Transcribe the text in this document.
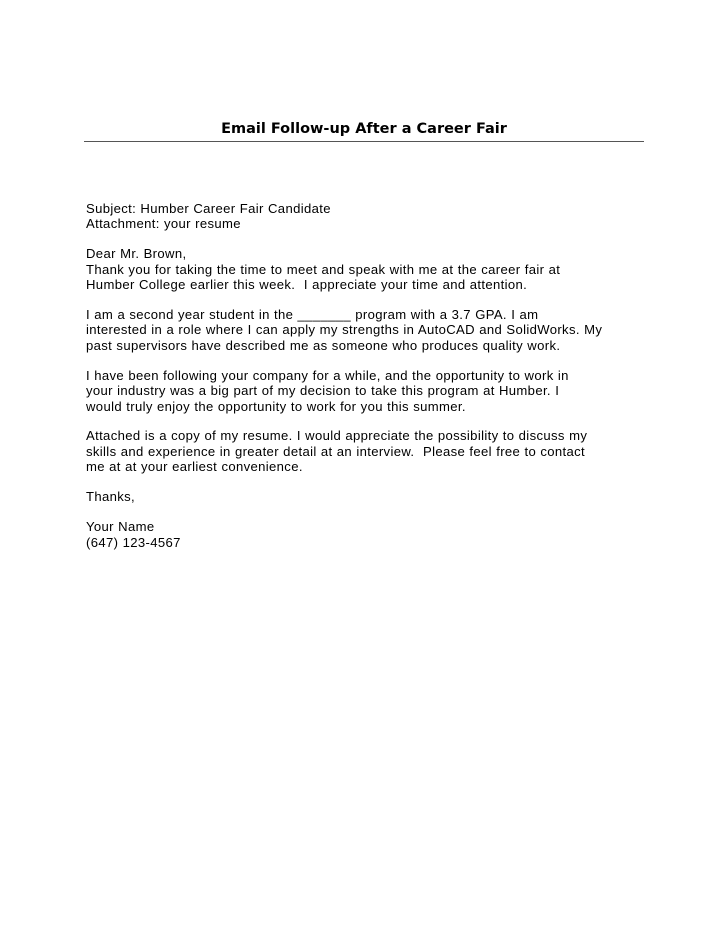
Email Follow-up After a Career Fair
Subject: Humber Career Fair Candidate
Attachment: your resume
Dear Mr. Brown,
Thank you for taking the time to meet and speak with me at the career fair at
Humber College earlier this week.  I appreciate your time and attention.
I am a second year student in the _______ program with a 3.7 GPA. I am
interested in a role where I can apply my strengths in AutoCAD and SolidWorks. My
past supervisors have described me as someone who produces quality work.
I have been following your company for a while, and the opportunity to work in
your industry was a big part of my decision to take this program at Humber. I
would truly enjoy the opportunity to work for you this summer.
Attached is a copy of my resume. I would appreciate the possibility to discuss my
skills and experience in greater detail at an interview.  Please feel free to contact
me at at your earliest convenience.
Thanks,
Your Name
(647) 123-4567
